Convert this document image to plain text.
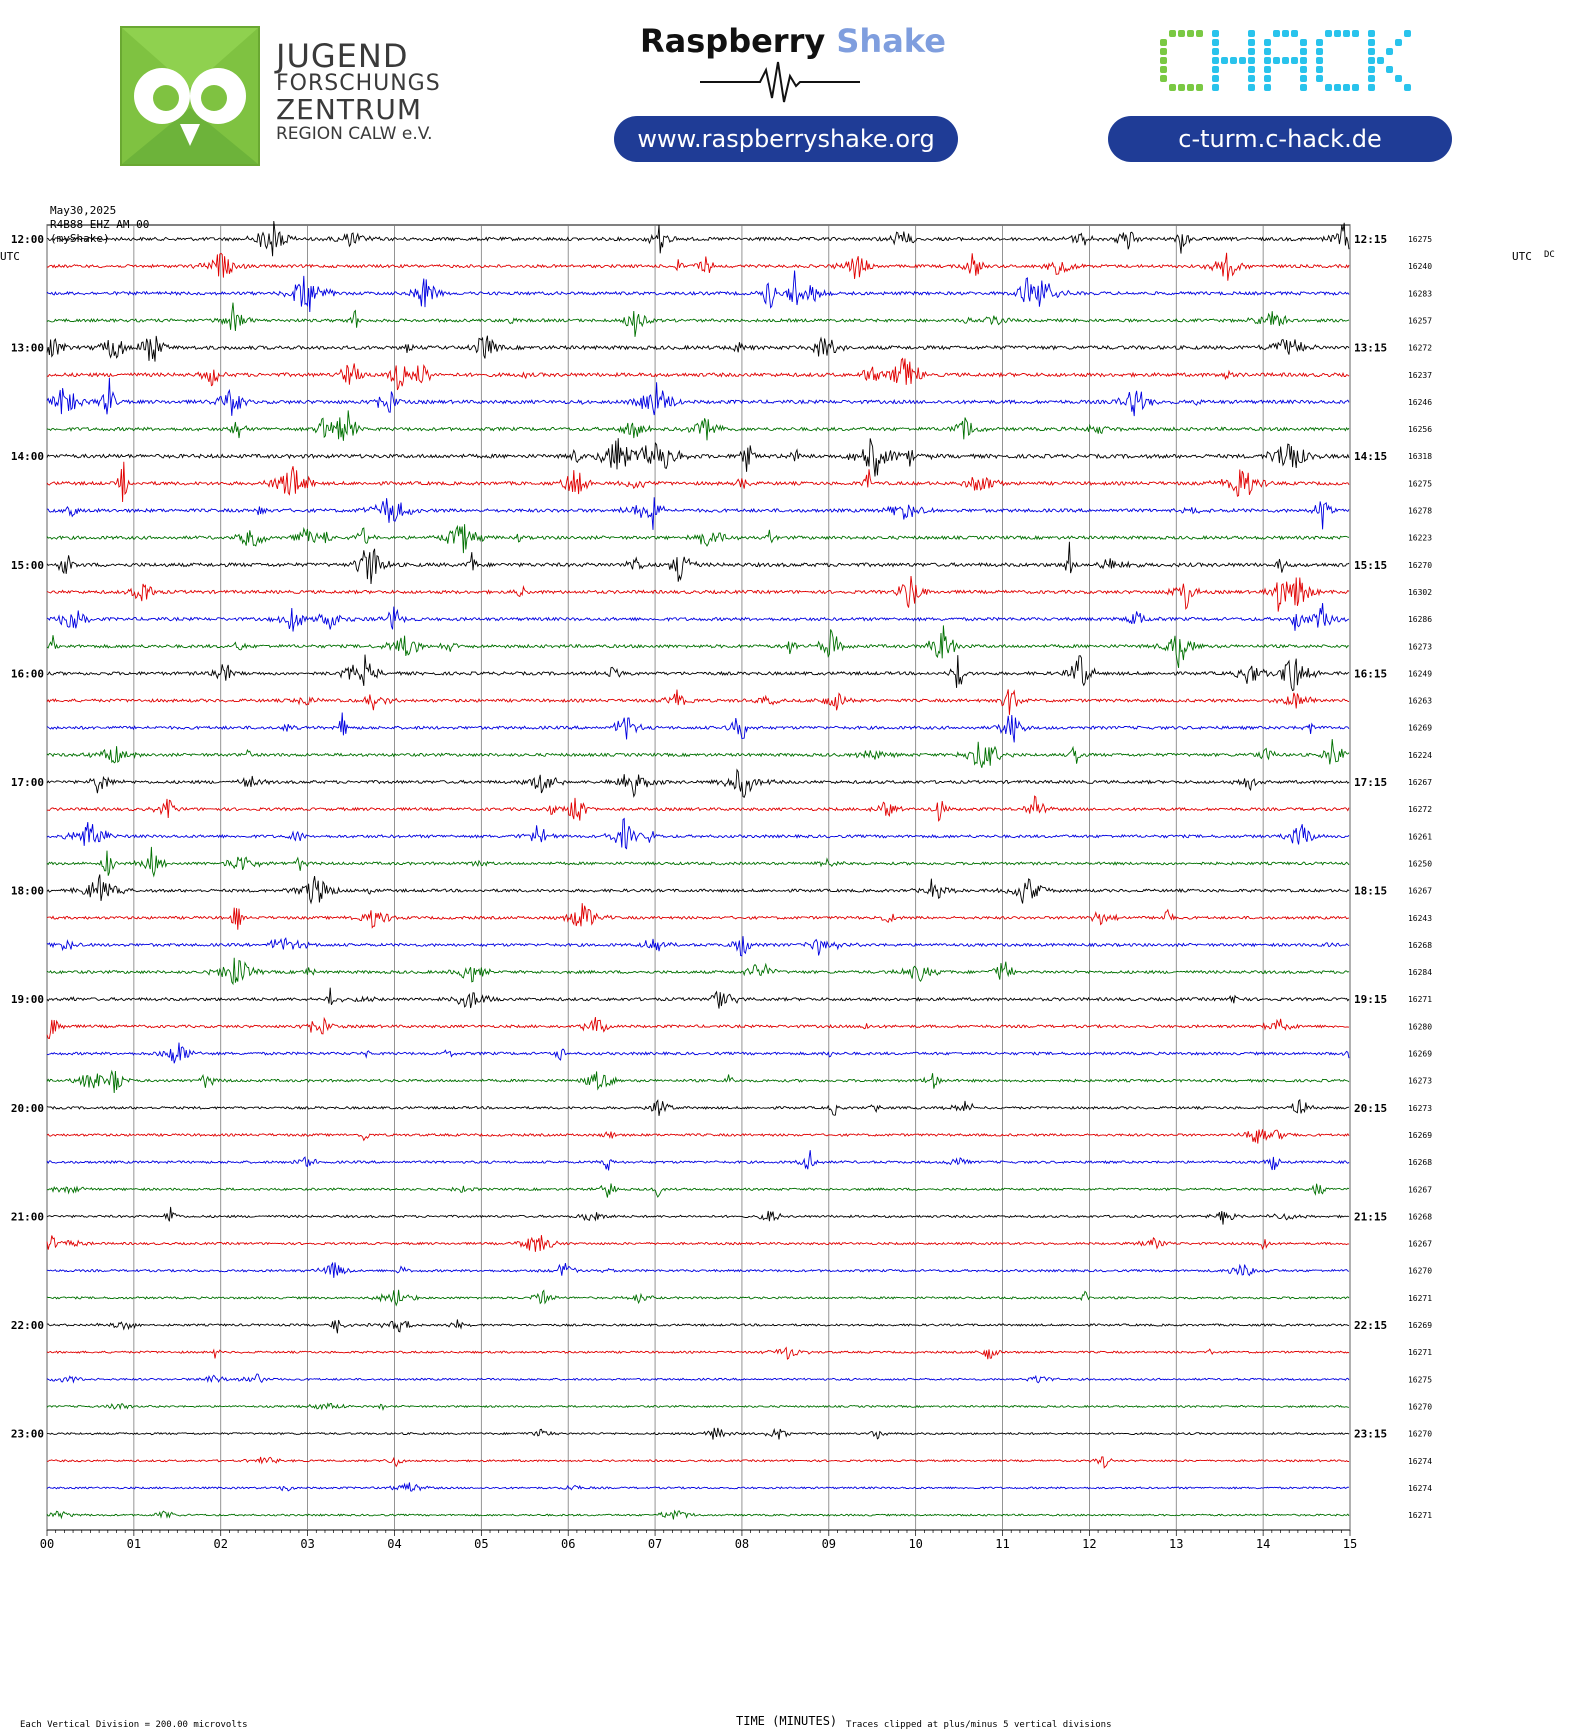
JUGEND
FORSCHUNGS
ZENTRUM
REGION CALW e.V.
Raspberry Shake
www.raspberryshake.org	c-turm.c-hack.de
00	01	02	03	04	05	06	07	08	09	10	11	12	13	14	15
16275
12:00	12:15
16240
16283
16257
16272
13:00	13:15
16237
16246
16256
16318
14:00	14:15
16275
16278
16223
16270
15:00	15:15
16302
16286
16273
16249
16:00	16:15
16263
16269
16224
16267
17:00	17:15
16272
16261
16250
16267
18:00	18:15
16243
16268
16284
16271
19:00	19:15
16280
16269
16273
16273
20:00	20:15
16269
16268
16267
16268
21:00	21:15
16267
16270
16271
16269
22:00	22:15
16271
16275
16270
16270
23:00	23:15
16274
16274
16271
May30,2025
R4B88 EHZ AM 00
(myShake)
UTC	UTC DC
Each Vertical Division = 200.00 microvolts	TIME (MINUTES) Traces clipped at plus/minus 5 vertical divisions
